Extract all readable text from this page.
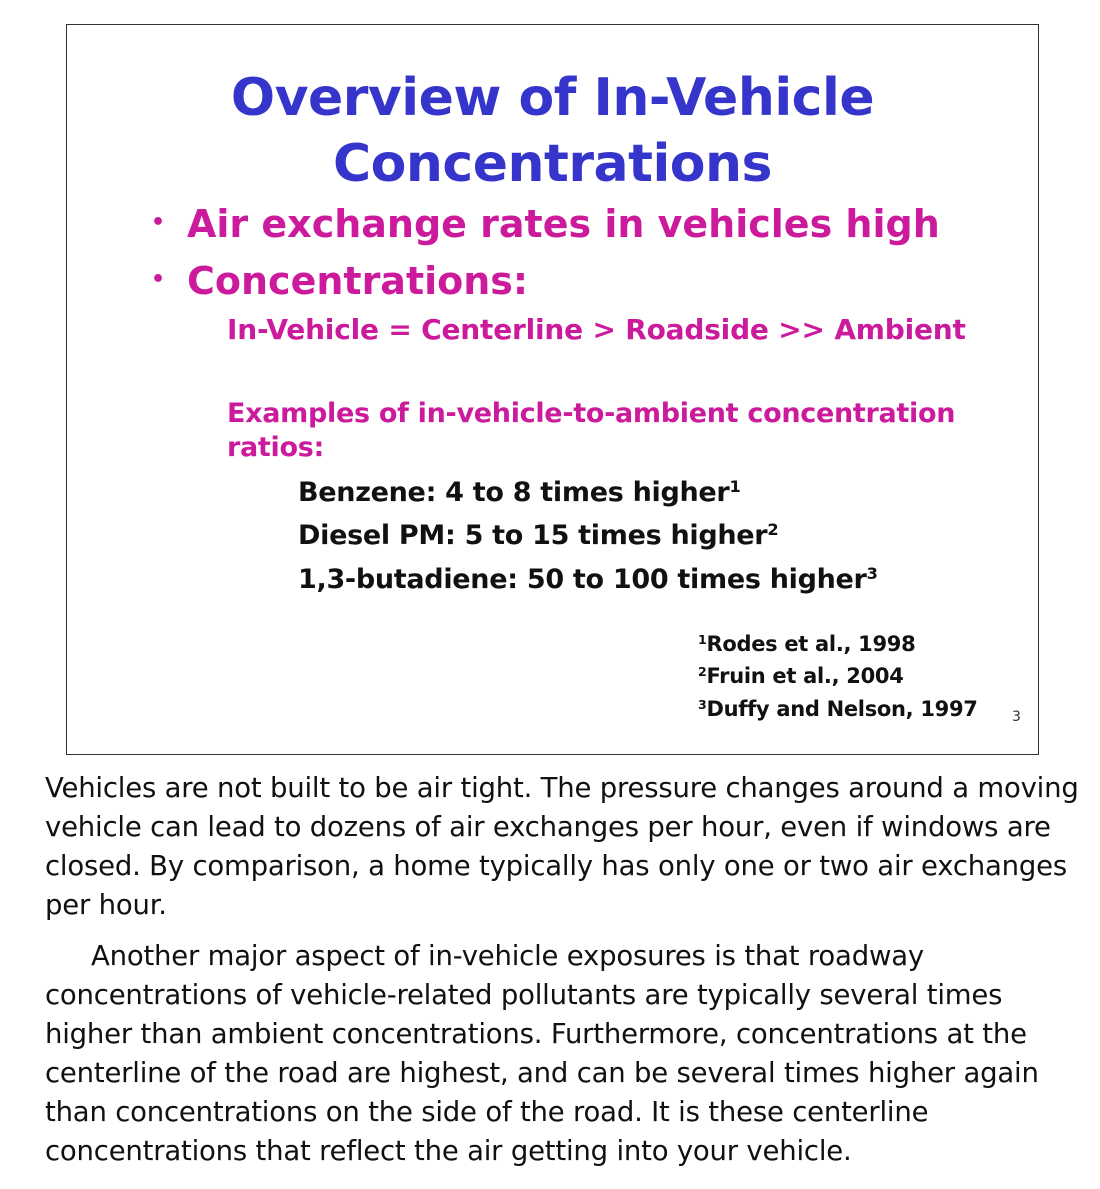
Overview of In-Vehicle
Concentrations
• Air exchange rates in vehicles high
• Concentrations:
In-Vehicle = Centerline > Roadside >> Ambient
Examples of in-vehicle-to-ambient concentration ratios:
Benzene: 4 to 8 times higher$^1$
Diesel PM: 5 to 15 times higher$^2$
1,3-butadiene: 50 to 100 times higher$^3$
$^1$Rodes et al., 1998
$^2$Fruin et al., 2004
$^3$Duffy and Nelson, 1997 3

Vehicles are not built to be air tight. The pressure changes around a moving vehicle can lead to dozens of air exchanges per hour, even if windows are closed. By comparison, a home typically has only one or two air exchanges per hour.

Another major aspect of in-vehicle exposures is that roadway concentrations of vehicle-related pollutants are typically several times higher than ambient concentrations. Furthermore, concentrations at the centerline of the road are highest, and can be several times higher again than concentrations on the side of the road. It is these centerline concentrations that reflect the air getting into your vehicle.
